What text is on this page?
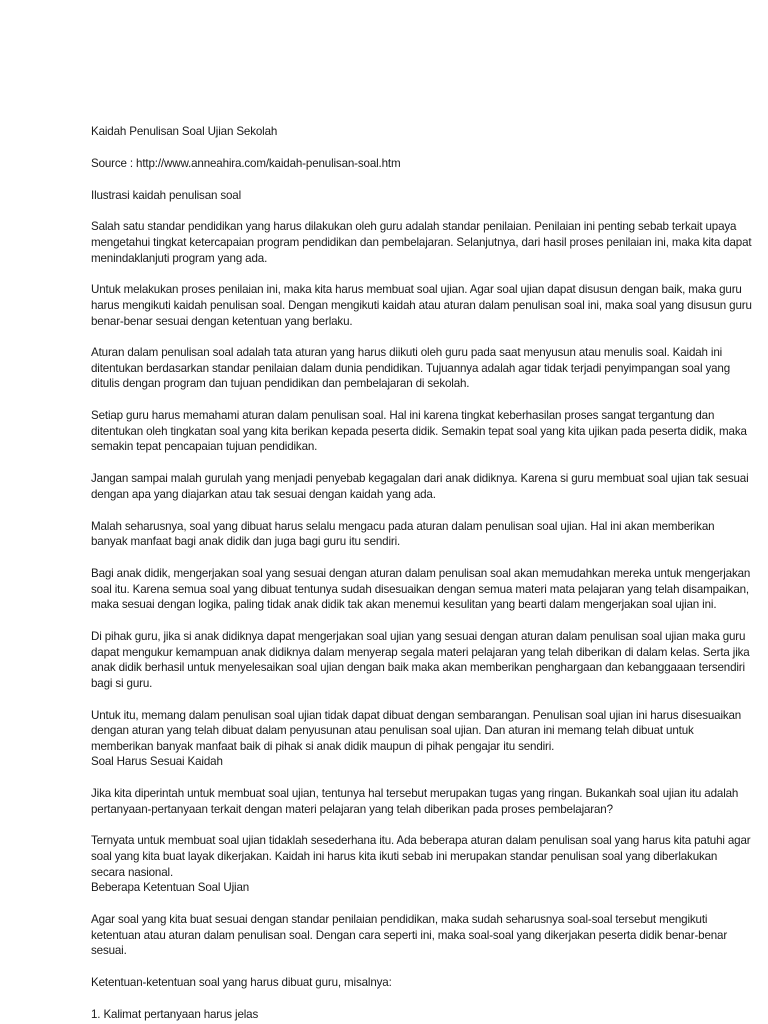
Kaidah Penulisan Soal Ujian Sekolah

Source : http://www.anneahira.com/kaidah-penulisan-soal.htm

Ilustrasi kaidah penulisan soal

Salah satu standar pendidikan yang harus dilakukan oleh guru adalah standar penilaian. Penilaian ini penting sebab terkait upaya

mengetahui tingkat ketercapaian program pendidikan dan pembelajaran. Selanjutnya, dari hasil proses penilaian ini, maka kita dapat

menindaklanjuti program yang ada.

Untuk melakukan proses penilaian ini, maka kita harus membuat soal ujian. Agar soal ujian dapat disusun dengan baik, maka guru

harus mengikuti kaidah penulisan soal. Dengan mengikuti kaidah atau aturan dalam penulisan soal ini, maka soal yang disusun guru

benar-benar sesuai dengan ketentuan yang berlaku.

Aturan dalam penulisan soal adalah tata aturan yang harus diikuti oleh guru pada saat menyusun atau menulis soal. Kaidah ini

ditentukan berdasarkan standar penilaian dalam dunia pendidikan. Tujuannya adalah agar tidak terjadi penyimpangan soal yang

ditulis dengan program dan tujuan pendidikan dan pembelajaran di sekolah.

Setiap guru harus memahami aturan dalam penulisan soal. Hal ini karena tingkat keberhasilan proses sangat tergantung dan

ditentukan oleh tingkatan soal yang kita berikan kepada peserta didik. Semakin tepat soal yang kita ujikan pada peserta didik, maka

semakin tepat pencapaian tujuan pendidikan.

Jangan sampai malah gurulah yang menjadi penyebab kegagalan dari anak didiknya. Karena si guru membuat soal ujian tak sesuai

dengan apa yang diajarkan atau tak sesuai dengan kaidah yang ada.

Malah seharusnya, soal yang dibuat harus selalu mengacu pada aturan dalam penulisan soal ujian. Hal ini akan memberikan

banyak manfaat bagi anak didik dan juga bagi guru itu sendiri.

Bagi anak didik, mengerjakan soal yang sesuai dengan aturan dalam penulisan soal akan memudahkan mereka untuk mengerjakan

soal itu. Karena semua soal yang dibuat tentunya sudah disesuaikan dengan semua materi mata pelajaran yang telah disampaikan,

maka sesuai dengan logika, paling tidak anak didik tak akan menemui kesulitan yang bearti dalam mengerjakan soal ujian ini.

Di pihak guru, jika si anak didiknya dapat mengerjakan soal ujian yang sesuai dengan aturan dalam penulisan soal ujian maka guru

dapat mengukur kemampuan anak didiknya dalam menyerap segala materi pelajaran yang telah diberikan di dalam kelas. Serta jika

anak didik berhasil untuk menyelesaikan soal ujian dengan baik maka akan memberikan penghargaan dan kebanggaaan tersendiri

bagi si guru.

Untuk itu, memang dalam penulisan soal ujian tidak dapat dibuat dengan sembarangan. Penulisan soal ujian ini harus disesuaikan

dengan aturan yang telah dibuat dalam penyusunan atau penulisan soal ujian. Dan aturan ini memang telah dibuat untuk

memberikan banyak manfaat baik di pihak si anak didik maupun di pihak pengajar itu sendiri.

Soal Harus Sesuai Kaidah

Jika kita diperintah untuk membuat soal ujian, tentunya hal tersebut merupakan tugas yang ringan. Bukankah soal ujian itu adalah

pertanyaan-pertanyaan terkait dengan materi pelajaran yang telah diberikan pada proses pembelajaran?

Ternyata untuk membuat soal ujian tidaklah sesederhana itu. Ada beberapa aturan dalam penulisan soal yang harus kita patuhi agar

soal yang kita buat layak dikerjakan. Kaidah ini harus kita ikuti sebab ini merupakan standar penulisan soal yang diberlakukan

secara nasional.

Beberapa Ketentuan Soal Ujian

Agar soal yang kita buat sesuai dengan standar penilaian pendidikan, maka sudah seharusnya soal-soal tersebut mengikuti

ketentuan atau aturan dalam penulisan soal. Dengan cara seperti ini, maka soal-soal yang dikerjakan peserta didik benar-benar

sesuai.

Ketentuan-ketentuan soal yang harus dibuat guru, misalnya:

1. Kalimat pertanyaan harus jelas
